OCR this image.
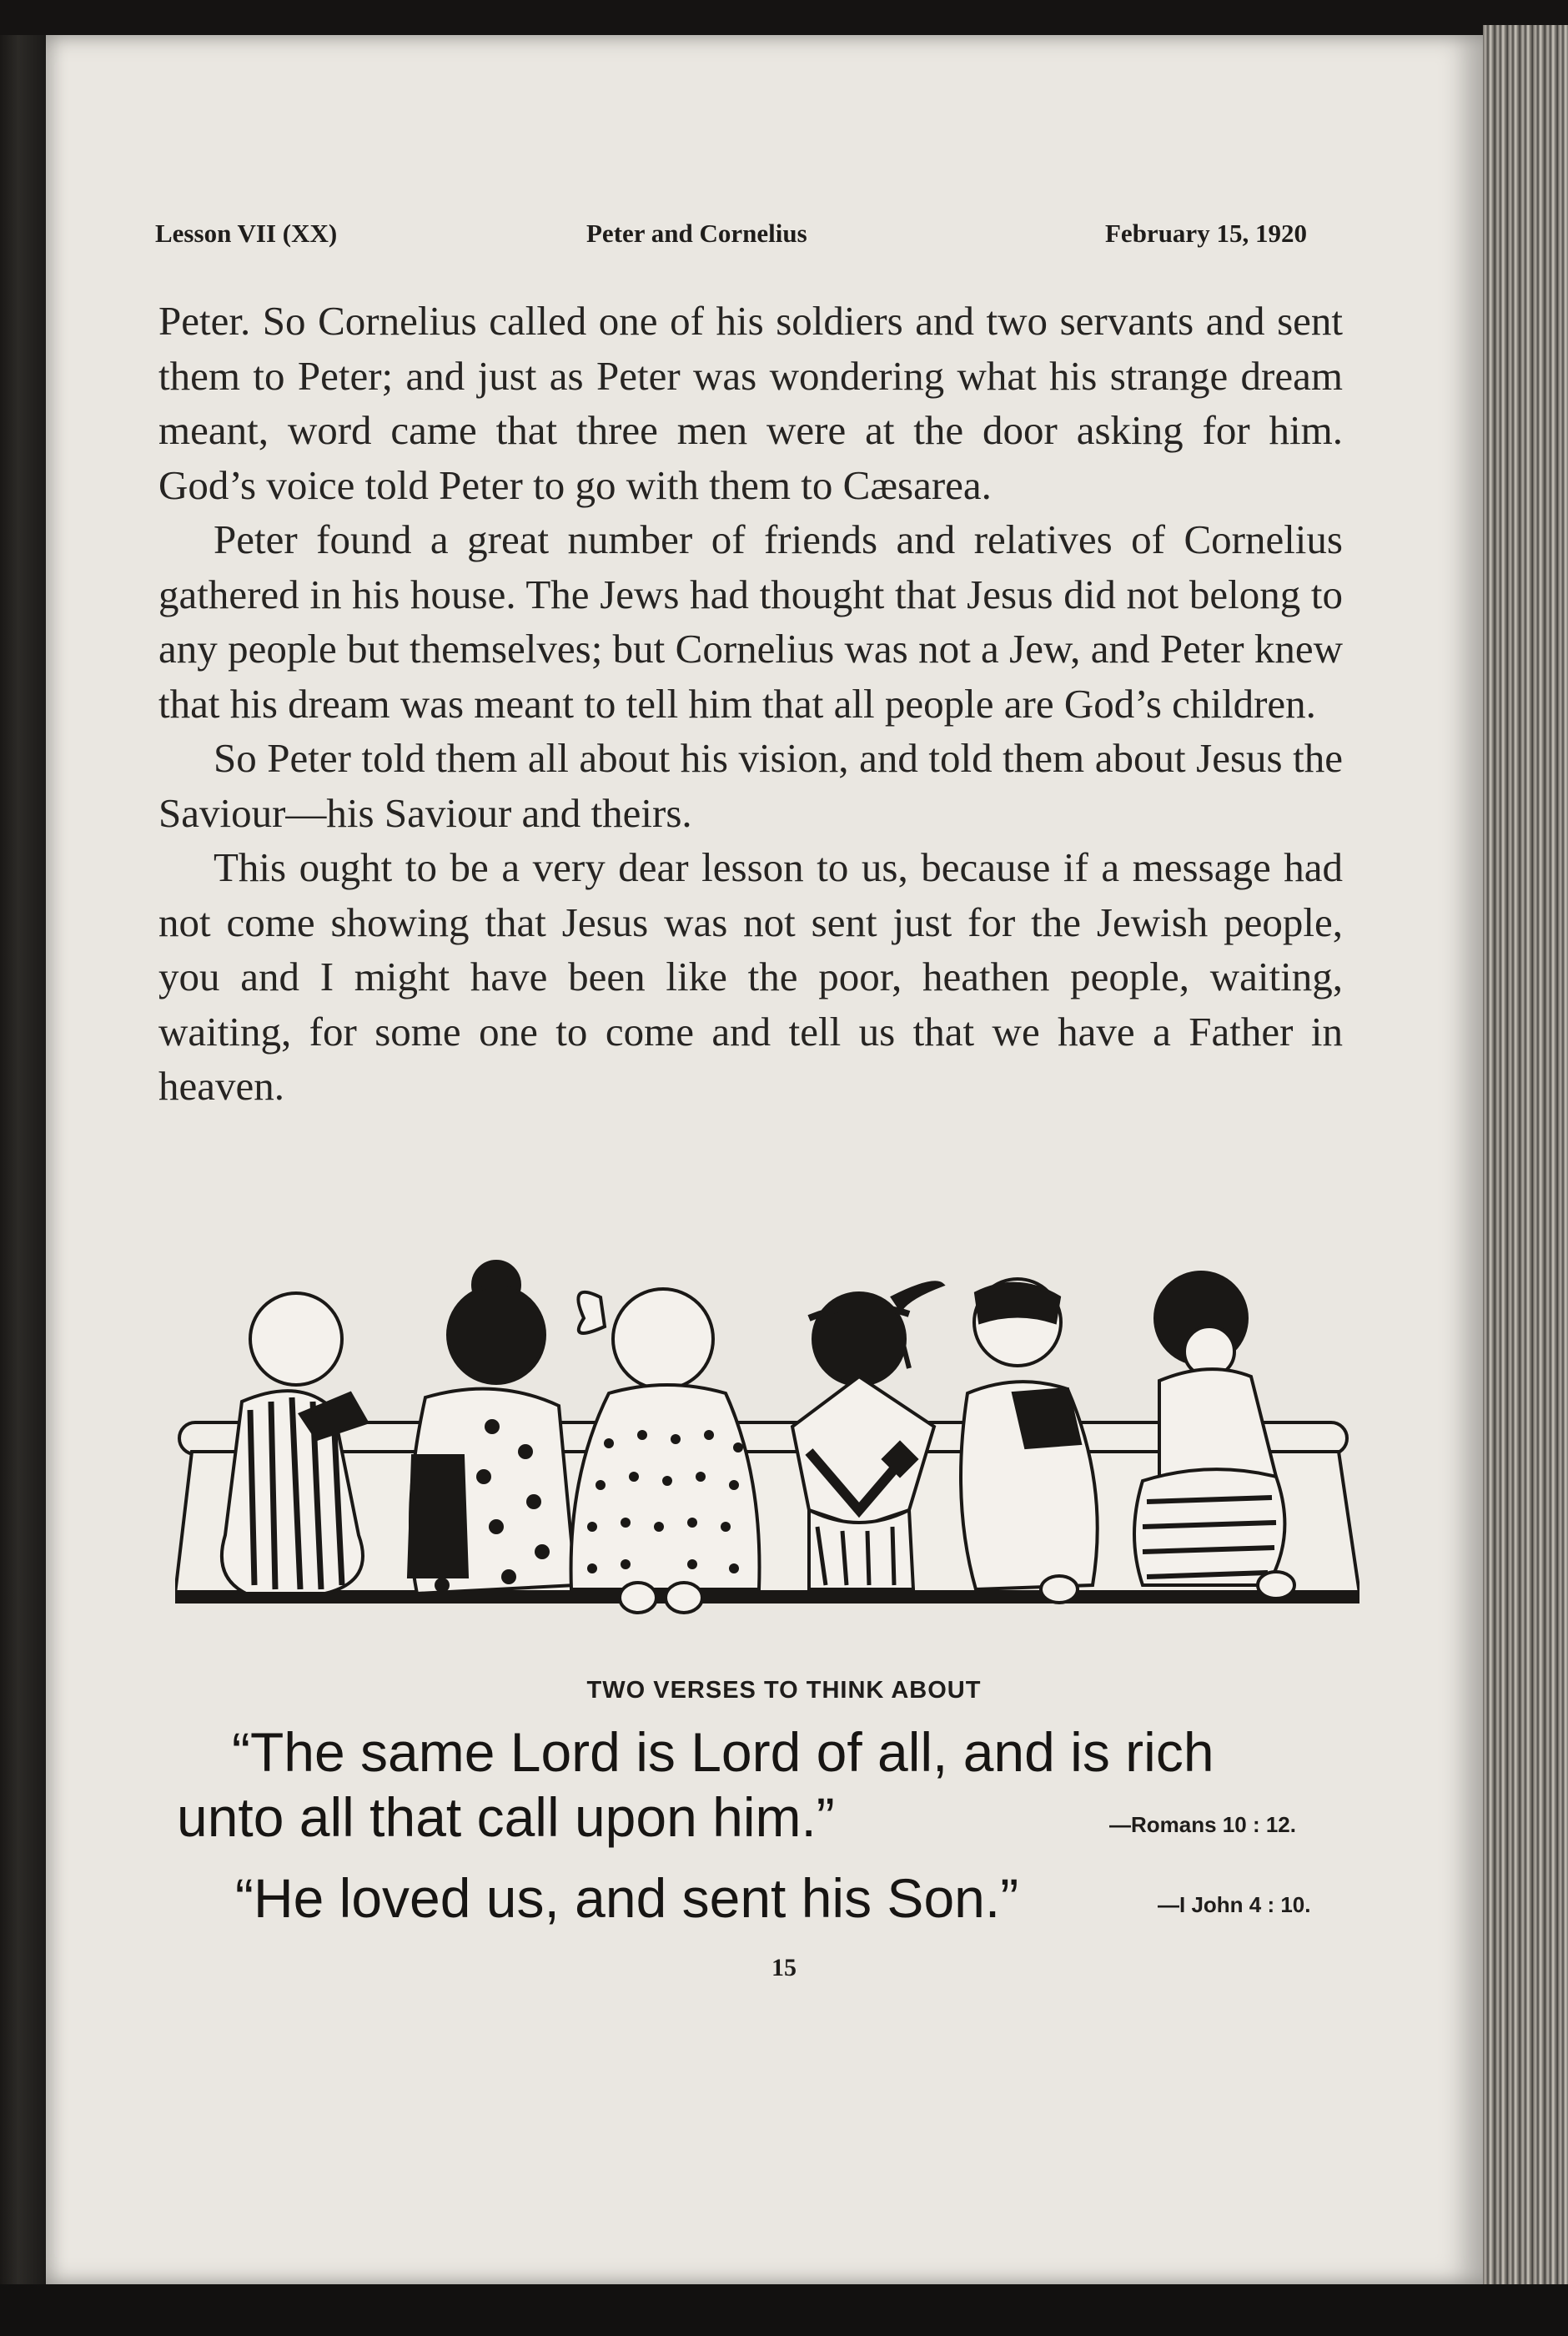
Lesson VII (XX)	Peter and Cornelius	February 15, 1920

Peter. So Cornelius called one of his soldiers and two servants and sent them to Peter; and just as Peter was wondering what his strange dream meant, word came that three men were at the door asking for him. God’s voice told Peter to go with them to Cæsarea.

Peter found a great number of friends and relatives of Cornelius gathered in his house. The Jews had thought that Jesus did not belong to any people but themselves; but Cornelius was not a Jew, and Peter knew that his dream was meant to tell him that all people are God’s children.

So Peter told them all about his vision, and told them about Jesus the Saviour—his Saviour and theirs.

This ought to be a very dear lesson to us, because if a message had not come showing that Jesus was not sent just for the Jewish people, you and I might have been like the poor, heathen people, waiting, waiting, for some one to come and tell us that we have a Father in heaven.

TWO VERSES TO THINK ABOUT
“The same Lord is Lord of all, and is rich
unto all that call upon him.”	—Romans 10 : 12.
“He loved us, and sent his Son.”	—I John 4 : 10.
15
